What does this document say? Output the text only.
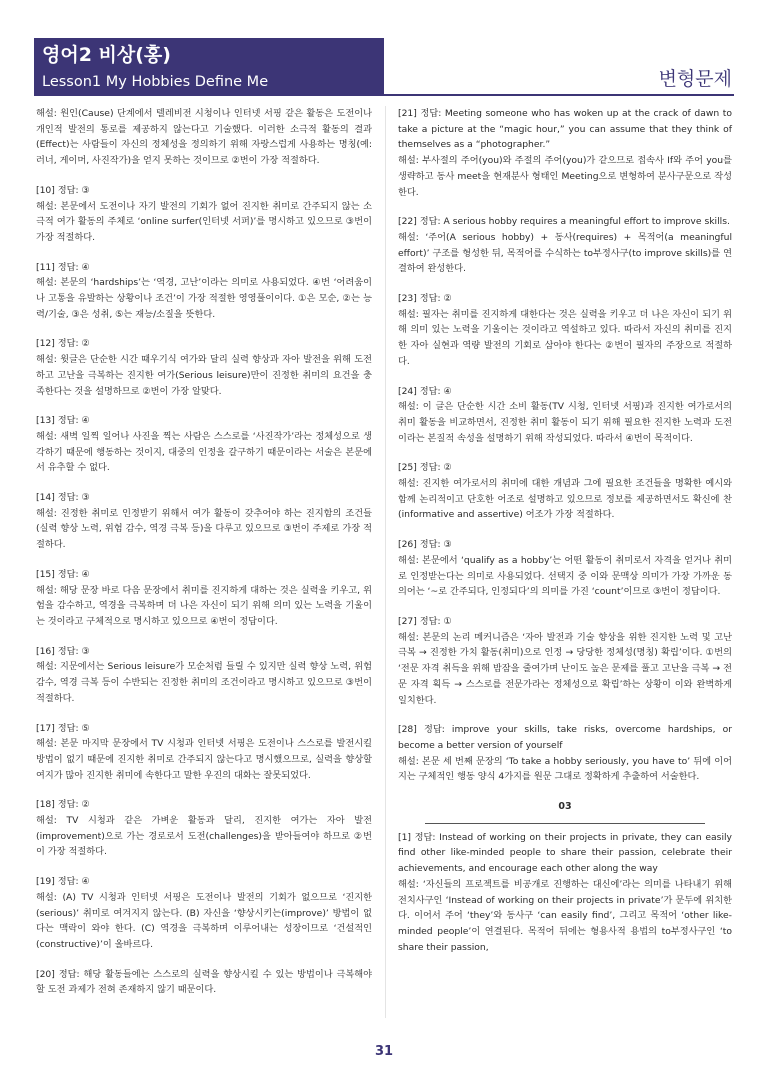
영어2 비상(홍)
Lesson1 My Hobbies Define Me	변형문제

해설: 원인(Cause) 단계에서 텔레비전 시청이나 인터넷 서핑 같은 활동은 도전이나 개인적 발전의 통로를 제공하지 않는다고 기술했다. 이러한 소극적 활동의 결과(Effect)는 사람들이 자신의 정체성을 정의하기 위해 자랑스럽게 사용하는 명칭(예: 러너, 게이머, 사진작가)을 얻지 못하는 것이므로 ②번이 가장 적절하다.

[10] 정답: ③

해설: 본문에서 도전이나 자기 발전의 기회가 없어 진지한 취미로 간주되지 않는 소극적 여가 활동의 주체로 ‘online surfer(인터넷 서퍼)’를 명시하고 있으므로 ③번이 가장 적절하다.

[11] 정답: ④

해설: 본문의 ‘hardships’는 ‘역경, 고난’이라는 의미로 사용되었다. ④번 ‘어려움이나 고통을 유발하는 상황이나 조건’이 가장 적절한 영영풀이이다. ①은 모순, ②는 능력/기술, ③은 성취, ⑤는 재능/소질을 뜻한다.

[12] 정답: ②

해설: 윗글은 단순한 시간 때우기식 여가와 달리 실력 향상과 자아 발전을 위해 도전하고 고난을 극복하는 진지한 여가(Serious leisure)만이 진정한 취미의 요건을 충족한다는 것을 설명하므로 ②번이 가장 알맞다.

[13] 정답: ④

해설: 새벽 일찍 일어나 사진을 찍는 사람은 스스로를 ‘사진작가’라는 정체성으로 생각하기 때문에 행동하는 것이지, 대중의 인정을 갈구하기 때문이라는 서술은 본문에서 유추할 수 없다.

[14] 정답: ③

해설: 진정한 취미로 인정받기 위해서 여가 활동이 갖추어야 하는 진지함의 조건들(실력 향상 노력, 위험 감수, 역경 극복 등)을 다루고 있으므로 ③번이 주제로 가장 적절하다.

[15] 정답: ④

해설: 해당 문장 바로 다음 문장에서 취미를 진지하게 대하는 것은 실력을 키우고, 위험을 감수하고, 역경을 극복하며 더 나은 자신이 되기 위해 의미 있는 노력을 기울이는 것이라고 구체적으로 명시하고 있으므로 ④번이 정답이다.

[16] 정답: ③

해설: 지문에서는 Serious leisure가 모순처럼 들릴 수 있지만 실력 향상 노력, 위험 감수, 역경 극복 등이 수반되는 진정한 취미의 조건이라고 명시하고 있으므로 ③번이 적절하다.

[17] 정답: ⑤

해설: 본문 마지막 문장에서 TV 시청과 인터넷 서핑은 도전이나 스스로를 발전시킬 방법이 없기 때문에 진지한 취미로 간주되지 않는다고 명시했으므로, 실력을 향상할 여지가 많아 진지한 취미에 속한다고 말한 우진의 대화는 잘못되었다.

[18] 정답: ②

해설: TV 시청과 같은 가벼운 활동과 달리, 진지한 여가는 자아 발전(improvement)으로 가는 경로로서 도전(challenges)을 받아들여야 하므로 ②번이 가장 적절하다.

[19] 정답: ④

해설: (A) TV 시청과 인터넷 서핑은 도전이나 발전의 기회가 없으므로 ‘진지한(serious)’ 취미로 여겨지지 않는다. (B) 자신을 ‘향상시키는(improve)’ 방법이 없다는 맥락이 와야 한다. (C) 역경을 극복하며 이루어내는 성장이므로 ‘건설적인(constructive)’이 올바르다.

[20] 정답: 해당 활동들에는 스스로의 실력을 향상시킬 수 있는 방법이나 극복해야 할 도전 과제가 전혀 존재하지 않기 때문이다.

[21] 정답: Meeting someone who has woken up at the crack of dawn to take a picture at the “magic hour,” you can assume that they think of themselves as a “photographer.”
해설: 부사절의 주어(you)와 주절의 주어(you)가 같으므로 접속사 If와 주어 you를 생략하고 동사 meet을 현재분사 형태인 Meeting으로 변형하여 분사구문으로 작성한다.

[22] 정답: A serious hobby requires a meaningful effort to improve skills.
해설: ‘주어(A serious hobby) + 동사(requires) + 목적어(a meaningful effort)’ 구조를 형성한 뒤, 목적어를 수식하는 to부정사구(to improve skills)를 연결하여 완성한다.

[23] 정답: ②

해설: 필자는 취미를 진지하게 대한다는 것은 실력을 키우고 더 나은 자신이 되기 위해 의미 있는 노력을 기울이는 것이라고 역설하고 있다. 따라서 자신의 취미를 진지한 자아 실현과 역량 발전의 기회로 삼아야 한다는 ②번이 필자의 주장으로 적절하다.

[24] 정답: ④

해설: 이 글은 단순한 시간 소비 활동(TV 시청, 인터넷 서핑)과 진지한 여가로서의 취미 활동을 비교하면서, 진정한 취미 활동이 되기 위해 필요한 진지한 노력과 도전이라는 본질적 속성을 설명하기 위해 작성되었다. 따라서 ④번이 목적이다.

[25] 정답: ②

해설: 진지한 여가로서의 취미에 대한 개념과 그에 필요한 조건들을 명확한 예시와 함께 논리적이고 단호한 어조로 설명하고 있으므로 정보를 제공하면서도 확신에 찬(informative and assertive) 어조가 가장 적절하다.

[26] 정답: ③

해설: 본문에서 ‘qualify as a hobby’는 어떤 활동이 취미로서 자격을 얻거나 취미로 인정받는다는 의미로 사용되었다. 선택지 중 이와 문맥상 의미가 가장 가까운 동의어는 ‘~로 간주되다, 인정되다’의 의미를 가진 ‘count’이므로 ③번이 정답이다.

[27] 정답: ①

해설: 본문의 논리 메커니즘은 ‘자아 발전과 기술 향상을 위한 진지한 노력 및 고난 극복 → 진정한 가치 활동(취미)으로 인정 → 당당한 정체성(명칭) 확립’이다. ①번의 ‘전문 자격 취득을 위해 밤잠을 줄여가며 난이도 높은 문제를 풀고 고난을 극복 → 전문 자격 획득 → 스스로를 전문가라는 정체성으로 확립’하는 상황이 이와 완벽하게 일치한다.

[28] 정답: improve your skills, take risks, overcome hardships, or become a better version of yourself
해설: 본문 세 번째 문장의 ‘To take a hobby seriously, you have to’ 뒤에 이어지는 구체적인 행동 양식 4가지를 원문 그대로 정확하게 추출하여 서술한다.

03

[1] 정답: Instead of working on their projects in private, they can easily find other like-minded people to share their passion, celebrate their achievements, and encourage each other along the way
해설: ‘자신들의 프로젝트를 비공개로 진행하는 대신에’라는 의미를 나타내기 위해 전치사구인 ‘Instead of working on their projects in private’가 문두에 위치한다. 이어서 주어 ‘they’와 동사구 ‘can easily find’, 그리고 목적어 ‘other like-minded people’이 연결된다. 목적어 뒤에는 형용사적 용법의 to부정사구인 ‘to share their passion,

31
